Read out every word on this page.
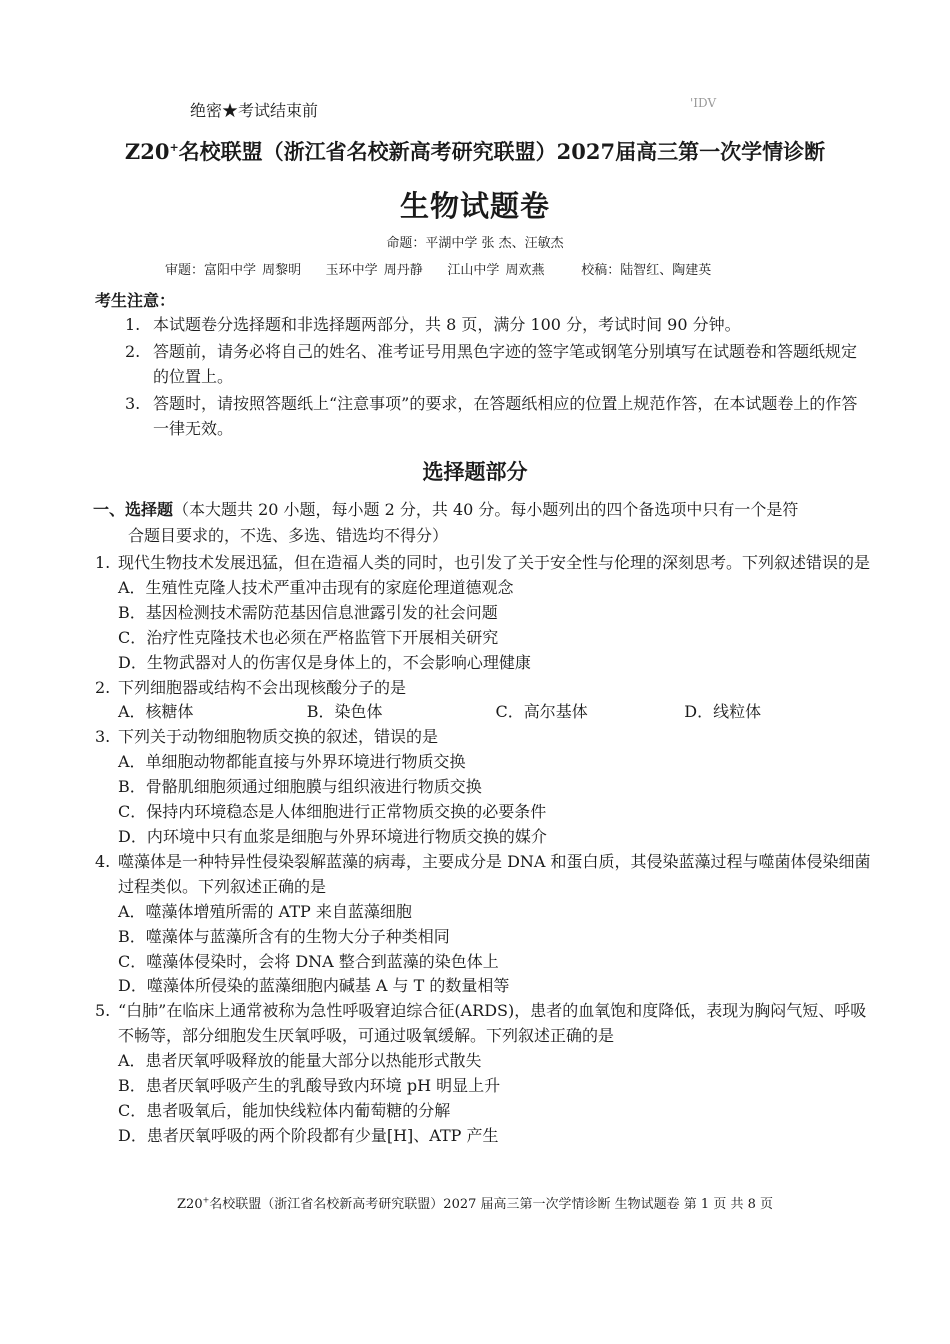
绝密★考试结束前	'IDV
Z20+名校联盟（浙江省名校新高考研究联盟）2027届高三第一次学情诊断
生物试题卷
命题：平湖中学 张 杰、汪敏杰
审题：富阳中学 周黎明    玉环中学 周丹静    江山中学 周欢燕      校稿：陆智红、陶建英
考生注意：
1. 本试题卷分选择题和非选择题两部分，共 8 页，满分 100 分，考试时间 90 分钟。
2. 答题前，请务必将自己的姓名、准考证号用黑色字迹的签字笔或钢笔分别填写在试题卷和答题纸规定的位置上。
3. 答题时，请按照答题纸上“注意事项”的要求，在答题纸相应的位置上规范作答，在本试题卷上的作答一律无效。
选择题部分
一、选择题（本大题共 20 小题，每小题 2 分，共 40 分。每小题列出的四个备选项中只有一个是符
合题目要求的，不选、多选、错选均不得分）
1. 现代生物技术发展迅猛，但在造福人类的同时，也引发了关于安全性与伦理的深刻思考。下列叙述错误的是
A．生殖性克隆人技术严重冲击现有的家庭伦理道德观念
B．基因检测技术需防范基因信息泄露引发的社会问题
C．治疗性克隆技术也必须在严格监管下开展相关研究
D．生物武器对人的伤害仅是身体上的，不会影响心理健康
2. 下列细胞器或结构不会出现核酸分子的是
A．核糖体	B．染色体	C．高尔基体	D．线粒体
3. 下列关于动物细胞物质交换的叙述，错误的是
A．单细胞动物都能直接与外界环境进行物质交换
B．骨骼肌细胞须通过细胞膜与组织液进行物质交换
C．保持内环境稳态是人体细胞进行正常物质交换的必要条件
D．内环境中只有血浆是细胞与外界环境进行物质交换的媒介
4. 噬藻体是一种特异性侵染裂解蓝藻的病毒，主要成分是 DNA 和蛋白质，其侵染蓝藻过程与噬菌体侵染细菌过程类似。下列叙述正确的是
A．噬藻体增殖所需的 ATP 来自蓝藻细胞
B．噬藻体与蓝藻所含有的生物大分子种类相同
C．噬藻体侵染时，会将 DNA 整合到蓝藻的染色体上
D．噬藻体所侵染的蓝藻细胞内碱基 A 与 T 的数量相等
5. “白肺”在临床上通常被称为急性呼吸窘迫综合征(ARDS)，患者的血氧饱和度降低，表现为胸闷气短、呼吸不畅等，部分细胞发生厌氧呼吸，可通过吸氧缓解。下列叙述正确的是
A．患者厌氧呼吸释放的能量大部分以热能形式散失
B．患者厌氧呼吸产生的乳酸导致内环境 pH 明显上升
C．患者吸氧后，能加快线粒体内葡萄糖的分解
D．患者厌氧呼吸的两个阶段都有少量[H]、ATP 产生
Z20+名校联盟（浙江省名校新高考研究联盟）2027 届高三第一次学情诊断 生物试题卷 第 1 页 共 8 页
